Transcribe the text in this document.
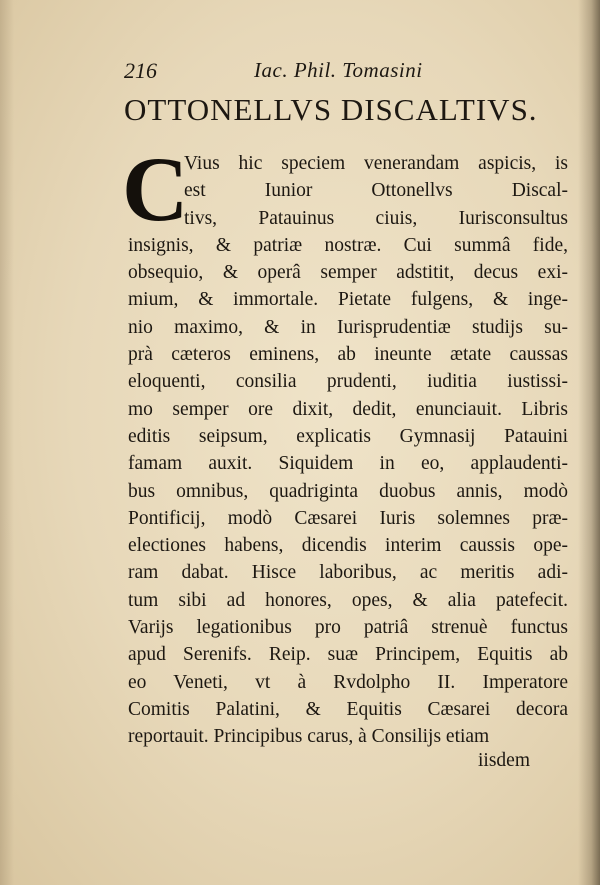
216	Iac. Phil. Tomasini
OTTONELLVS DISCALTIVS.
C
Vius hic speciem venerandam aspicis, is
est Iunior Ottonellvs Discal-
tivs, Patauinus ciuis, Iurisconsultus
insignis, & patriæ nostræ. Cui summâ fide,
obsequio, & operâ semper adstitit, decus exi-
mium, & immortale. Pietate fulgens, & inge-
nio maximo, & in Iurisprudentiæ studijs su-
prà cæteros eminens, ab ineunte ætate caussas
eloquenti, consilia prudenti, iuditia iustissi-
mo semper ore dixit, dedit, enunciauit. Libris
editis seipsum, explicatis Gymnasij Patauini
famam auxit. Siquidem in eo, applaudenti-
bus omnibus, quadriginta duobus annis, modò
Pontificij, modò Cæsarei Iuris solemnes præ-
electiones habens, dicendis interim caussis ope-
ram dabat. Hisce laboribus, ac meritis adi-
tum sibi ad honores, opes, & alia patefecit.
Varijs legationibus pro patriâ strenuè functus
apud Serenifs. Reip. suæ Principem, Equitis ab
eo Veneti, vt à Rvdolpho II. Imperatore
Comitis Palatini, & Equitis Cæsarei decora
reportauit. Principibus carus, à Consilijs etiam
iisdem
